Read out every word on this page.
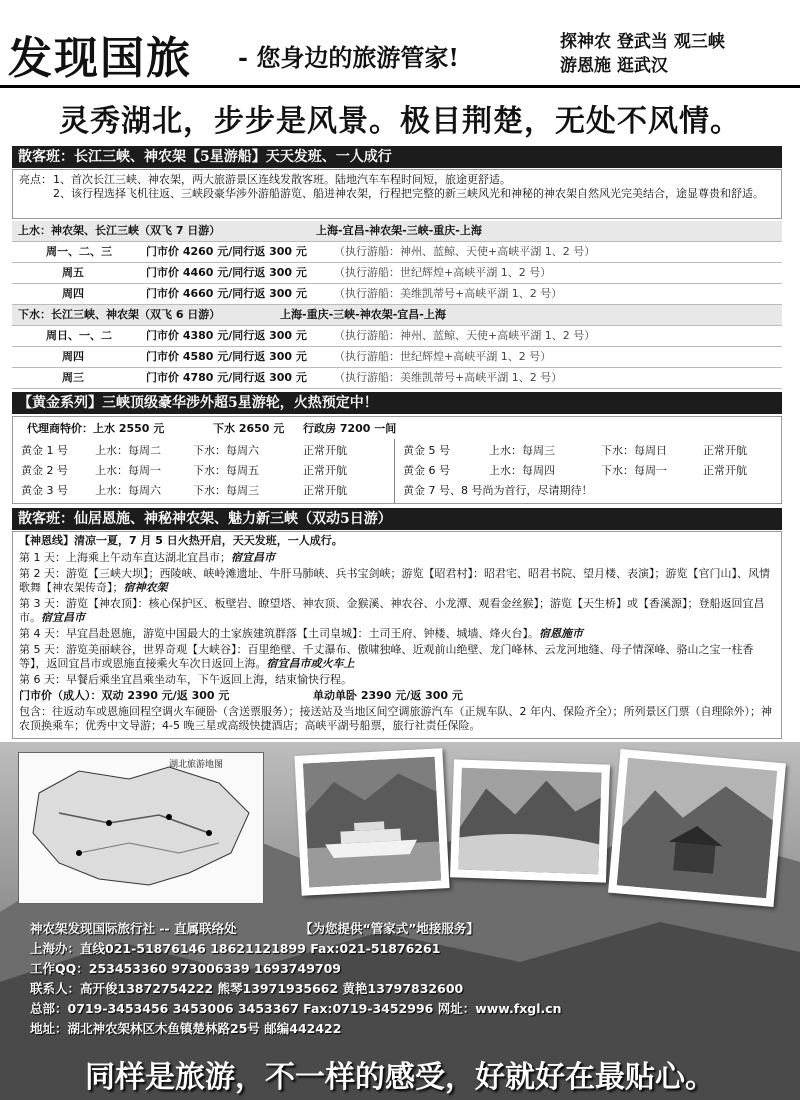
发现国旅 - 您身边的旅游管家!
探神农 登武当 观三峡
游恩施 逛武汉
灵秀湖北，步步是风景。极目荆楚，无处不风情。
散客班：长江三峡、神农架【5星游船】天天发班、一人成行
亮点： 1、首次长江三峡、神农架，两大旅游景区连线发散客班。陆地汽车车程时间短，旅途更舒适。
2、该行程选择飞机往返、三峡段豪华涉外游船游览、船进神农架，行程把完整的新三峡风光和神秘的神农架自然风光完美结合，途显尊贵和舒适。
上水：神农架、长江三峡（双飞 7 日游）	上海-宜昌-神农架-三峡-重庆-上海
周一、二、三	门市价 4260 元/同行返 300 元 （执行游船：神州、蓝鲸、天使+高峡平湖 1、2 号）
周五	门市价 4460 元/同行返 300 元 （执行游船：世纪辉煌+高峡平湖 1、2 号）
周四	门市价 4660 元/同行返 300 元 （执行游船：美维凯蒂号+高峡平湖 1、2 号）
下水：长江三峡、神农架（双飞 6 日游）	上海-重庆-三峡-神农架-宜昌-上海
周日、一、二	门市价 4380 元/同行返 300 元 （执行游船：神州、蓝鲸、天使+高峡平湖 1、2 号）
周四	门市价 4580 元/同行返 300 元 （执行游船：世纪辉煌+高峡平湖 1、2 号）
周三	门市价 4780 元/同行返 300 元 （执行游船：美维凯蒂号+高峡平湖 1、2 号）
【黄金系列】三峡顶级豪华涉外超5星游轮，火热预定中！
代理商特价：上水 2550 元	下水 2650 元 行政房 7200 一间
黄金 1 号 上水：每周二	下水：每周六	正常开航
黄金 2 号 上水：每周一	下水：每周五	正常开航
黄金 3 号 上水：每周六	下水：每周三	正常开航
黄金 5 号	上水：每周三	下水：每周日	正常开航
黄金 6 号	上水：每周四	下水：每周一	正常开航
黄金 7 号、8 号尚为首行，尽请期待！
散客班：仙居恩施、神秘神农架、魅力新三峡（双动5日游）
【神恩线】清凉一夏，7 月 5 日火热开启，天天发班，一人成行。
第 1 天：上海乘上午动车直达湖北宜昌市；宿宜昌市
第 2 天：游览【三峡大坝】；西陵峡、峡岭滩遗址、牛肝马肺峡、兵书宝剑峡；游览【昭君村】：昭君宅、昭君书院、望月楼、表演】；游览【官门山】、风情歌舞【神农架传奇】；宿神农架
第 3 天：游览【神农顶】：核心保护区、板壁岩、瞭望塔、神农顶、金猴溪、神农谷、小龙潭、观看金丝猴】；游览【天生桥】或【香溪源】；登船返回宜昌市。宿宜昌市
第 4 天：早宜昌赴恩施，游览中国最大的土家族建筑群落【土司皇城】：土司王府、钟楼、城墙、烽火台】。宿恩施市
第 5 天：游览美丽峡谷，世界奇观【大峡谷】：百里绝壁、千丈瀑布、傲啸独峰、近观前山绝壁、龙门峰林、云龙河地缝、母子情深峰、骆山之宝一柱香等】，返回宜昌市或恩施直接乘火车次日返回上海。宿宜昌市或火车上
第 6 天：早餐后乘坐宜昌乘坐动车，下午返回上海，结束愉快行程。
门市价（成人）：双动 2390 元/返 300 元	单动单卧 2390 元/返 300 元
包含：往返动车或恩施回程空调火车硬卧（含送票服务）；接送站及当地区间空调旅游汽车（正规车队、2 年内、保险齐全）；所列景区门票（自理除外）；神农顶换乘车；优秀中文导游；4-5 晚三星或高级快捷酒店；高峡平湖号船票，旅行社责任保险。
湖北旅游地图
神农架发现国际旅行社 -- 直属联络处	【为您提供“管家式”地接服务】
上海办：直线021-51876146 18621121899 Fax:021-51876261
工作QQ：253453360 973006339 1693749709
联系人：高开俊13872754222 熊琴13971935662 黄艳13797832600
总部：0719-3453456 3453006 3453367 Fax:0719-3452996 网址：www.fxgl.cn
地址：湖北神农架林区木鱼镇楚林路25号 邮编442422
同样是旅游，不一样的感受，好就好在最贴心。
